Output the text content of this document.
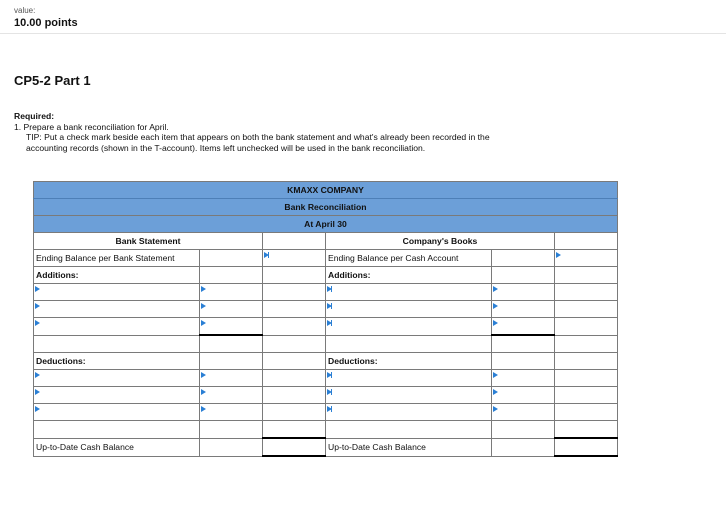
value:
10.00 points
CP5-2 Part 1
Required:
1. Prepare a bank reconciliation for April.
TIP: Put a check mark beside each item that appears on both the bank statement and what's already been recorded in the accounting records (shown in the T-account). Items left unchecked will be used in the bank reconciliation.
KMAXX COMPANY					
Bank Reconciliation					
At April 30					
Bank Statement			Company's Books		
Ending Balance per Bank Statement			Ending Balance per Cash Account		

Additions:			Additions:		

Deductions:			Deductions:		

Up-to-Date Cash Balance			Up-to-Date Cash Balance		
